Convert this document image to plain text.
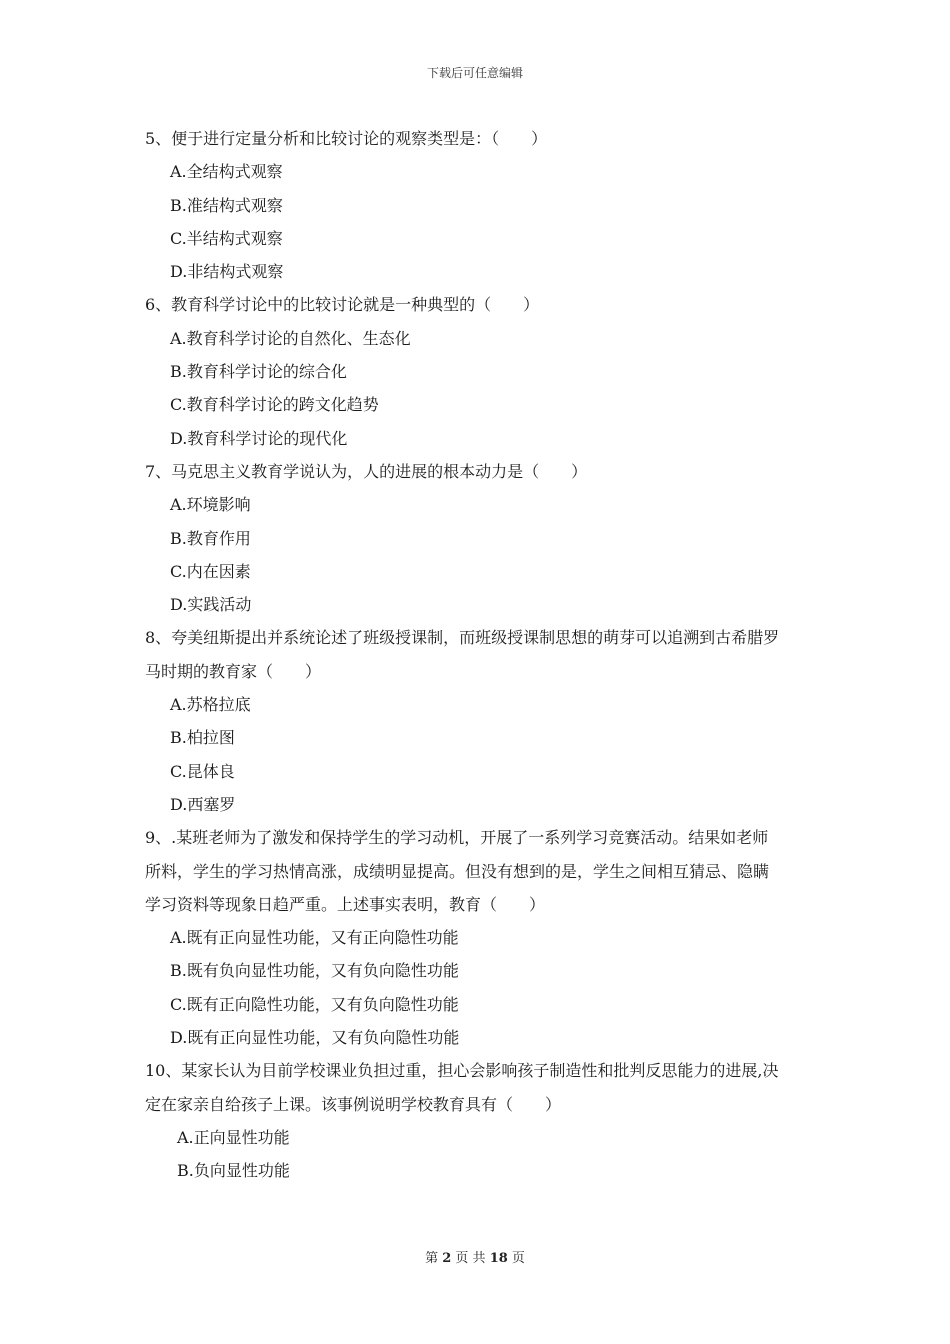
下载后可任意编辑
5、便于进行定量分析和比较讨论的观察类型是：（　　）
A.全结构式观察
B.准结构式观察
C.半结构式观察
D.非结构式观察
6、教育科学讨论中的比较讨论就是一种典型的（　　）
A.教育科学讨论的自然化、生态化
B.教育科学讨论的综合化
C.教育科学讨论的跨文化趋势
D.教育科学讨论的现代化
7、马克思主义教育学说认为，人的进展的根本动力是（　　）
A.环境影响
B.教育作用
C.内在因素
D.实践活动
8、夸美纽斯提出并系统论述了班级授课制，而班级授课制思想的萌芽可以追溯到古希腊罗
马时期的教育家（　　）
A.苏格拉底
B.柏拉图
C.昆体良
D.西塞罗
9、.某班老师为了激发和保持学生的学习动机，开展了一系列学习竞赛活动。结果如老师
所料，学生的学习热情高涨，成绩明显提高。但没有想到的是，学生之间相互猜忌、隐瞒
学习资料等现象日趋严重。上述事实表明，教育（　　）
A.既有正向显性功能，又有正向隐性功能
B.既有负向显性功能，又有负向隐性功能
C.既有正向隐性功能，又有负向隐性功能
D.既有正向显性功能，又有负向隐性功能
10、某家长认为目前学校课业负担过重，担心会影响孩子制造性和批判反思能力的进展,决
定在家亲自给孩子上课。该事例说明学校教育具有（　　）
A.正向显性功能
B.负向显性功能
第 2 页 共 18 页
